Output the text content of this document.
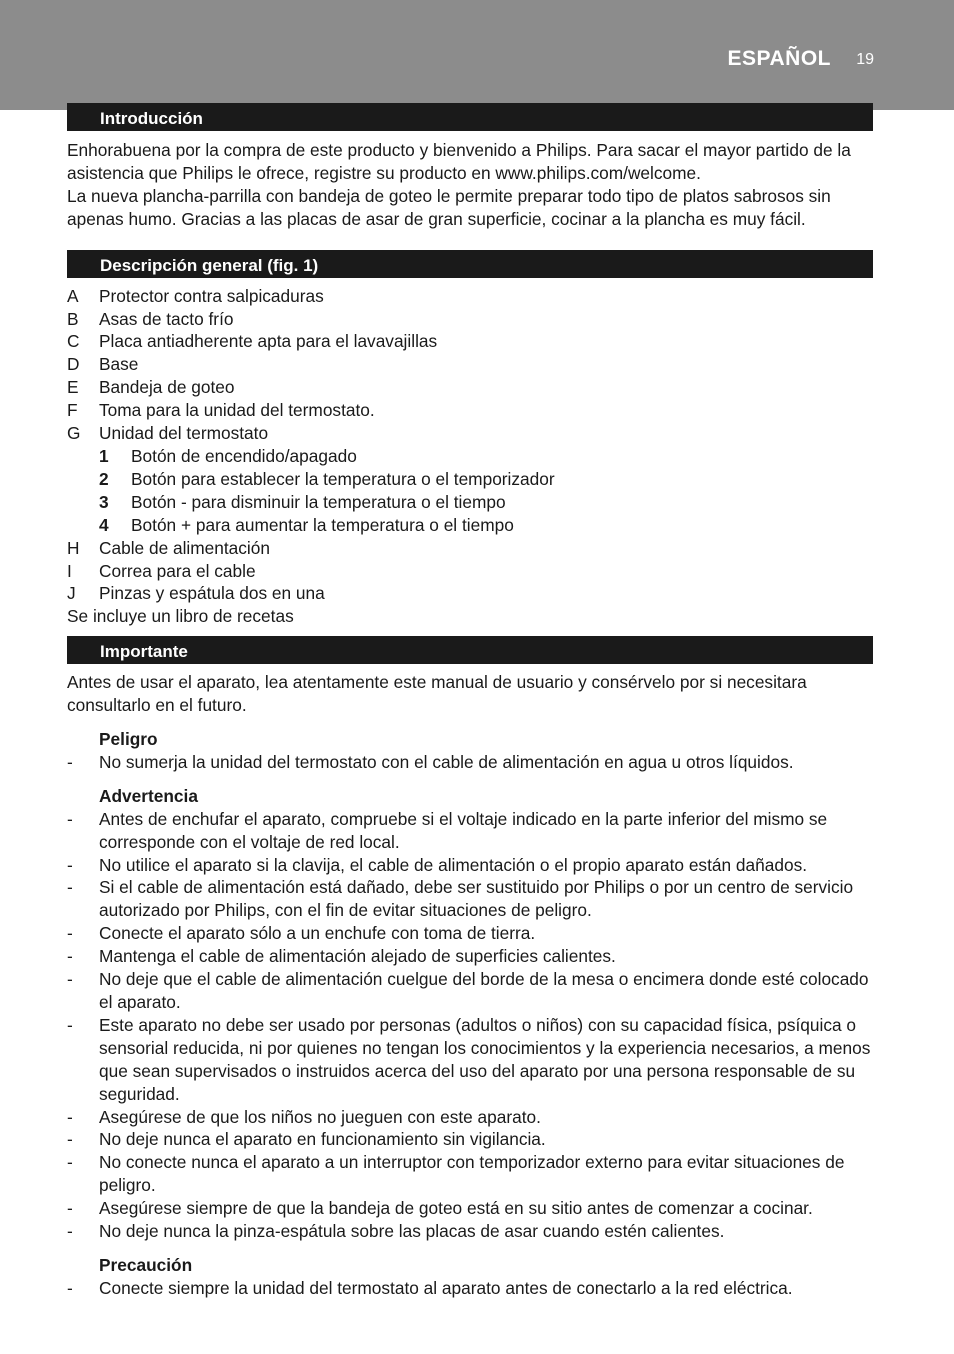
ESPAÑOL 19
Introducción

Enhorabuena por la compra de este producto y bienvenido a Philips. Para sacar el mayor partido de la asistencia que Philips le ofrece, registre su producto en www.philips.com/welcome.

La nueva plancha-parrilla con bandeja de goteo le permite preparar todo tipo de platos sabrosos sin apenas humo. Gracias a las placas de asar de gran superficie, cocinar a la plancha es muy fácil.

Descripción general (fig. 1)
A	Protector contra salpicaduras
B	Asas de tacto frío
C	Placa antiadherente apta para el lavavajillas
D	Base
E	Bandeja de goteo
F	Toma para la unidad del termostato.
G	Unidad del termostato
1	Botón de encendido/apagado
2	Botón para establecer la temperatura o el temporizador
3	Botón - para disminuir la temperatura o el tiempo
4	Botón + para aumentar la temperatura o el tiempo
H	Cable de alimentación
I	Correa para el cable
J	Pinzas y espátula dos en una

Se incluye un libro de recetas

Importante

Antes de usar el aparato, lea atentamente este manual de usuario y consérvelo por si necesitara consultarlo en el futuro.

Peligro
-	No sumerja la unidad del termostato con el cable de alimentación en agua u otros líquidos.
Advertencia
-	Antes de enchufar el aparato, compruebe si el voltaje indicado en la parte inferior del mismo se corresponde con el voltaje de red local.
-	No utilice el aparato si la clavija, el cable de alimentación o el propio aparato están dañados.
-	Si el cable de alimentación está dañado, debe ser sustituido por Philips o por un centro de servicio autorizado por Philips, con el fin de evitar situaciones de peligro.
-	Conecte el aparato sólo a un enchufe con toma de tierra.
-	Mantenga el cable de alimentación alejado de superficies calientes.
-	No deje que el cable de alimentación cuelgue del borde de la mesa o encimera donde esté colocado el aparato.
-	Este aparato no debe ser usado por personas (adultos o niños) con su capacidad física, psíquica o sensorial reducida, ni por quienes no tengan los conocimientos y la experiencia necesarios, a menos que sean supervisados o instruidos acerca del uso del aparato por una persona responsable de su seguridad.
-	Asegúrese de que los niños no jueguen con este aparato.
-	No deje nunca el aparato en funcionamiento sin vigilancia.
-	No conecte nunca el aparato a un interruptor con temporizador externo para evitar situaciones de peligro.
-	Asegúrese siempre de que la bandeja de goteo está en su sitio antes de comenzar a cocinar.
-	No deje nunca la pinza-espátula sobre las placas de asar cuando estén calientes.
Precaución
-	Conecte siempre la unidad del termostato al aparato antes de conectarlo a la red eléctrica.
